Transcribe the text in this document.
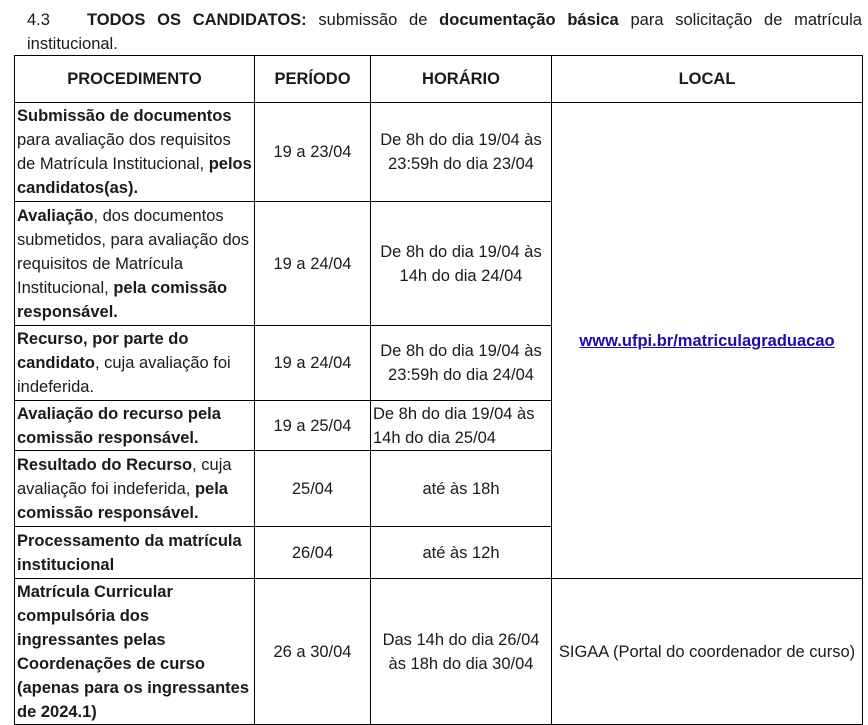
4.3 TODOS OS CANDIDATOS: submissão de documentação básica para solicitação de matrícula institucional.
PROCEDIMENTO	PERÍODO	HORÁRIO	LOCAL
Submissão de documentos para avaliação dos requisitos de Matrícula Institucional, pelos candidatos(as).	19 a 23/04	De 8h do dia 19/04 às 23:59h do dia 23/04	www.ufpi.br/matriculagraduacao
Avaliação, dos documentos submetidos, para avaliação dos requisitos de Matrícula Institucional, pela comissão responsável.	19 a 24/04	De 8h do dia 19/04 às 14h do dia 24/04	
Recurso, por parte do candidato, cuja avaliação foi indeferida.	19 a 24/04	De 8h do dia 19/04 às 23:59h do dia 24/04	
Avaliação do recurso pela comissão responsável.	19 a 25/04	De 8h do dia 19/04 às 14h do dia 25/04	
Resultado do Recurso, cuja avaliação foi indeferida, pela comissão responsável.	25/04	até às 18h	
Processamento da matrícula institucional	26/04	até às 12h	
Matrícula Curricular compulsória dos ingressantes pelas Coordenações de curso (apenas para os ingressantes de 2024.1)	26 a 30/04	Das 14h do dia 26/04 às 18h do dia 30/04	SIGAA (Portal do coordenador de curso)
